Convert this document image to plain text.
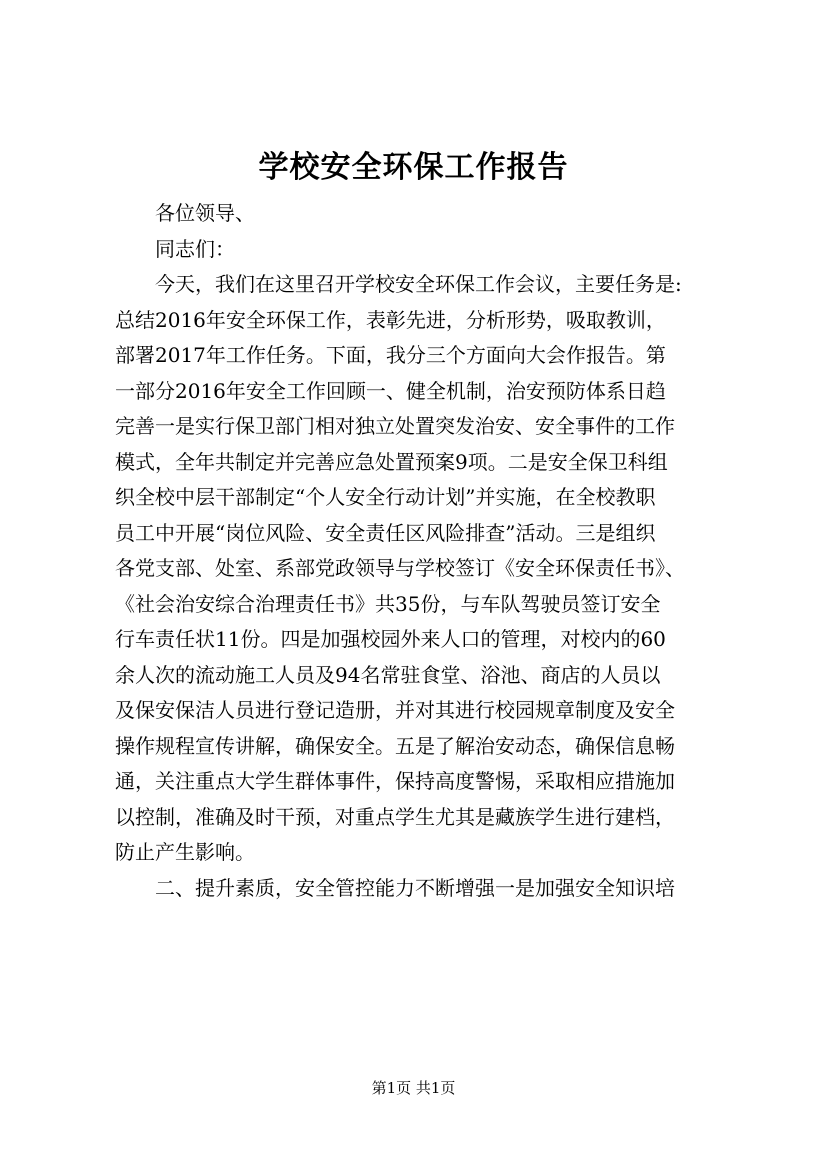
学校安全环保工作报告
各位领导、
同志们：
今天，我们在这里召开学校安全环保工作会议，主要任务是:
总结2016年安全环保工作，表彰先进，分析形势，吸取教训，
部署2017年工作任务。下面，我分三个方面向大会作报告。第
一部分2016年安全工作回顾一、健全机制，治安预防体系日趋
完善一是实行保卫部门相对独立处置突发治安、安全事件的工作
模式，全年共制定并完善应急处置预案9项。二是安全保卫科组
织全校中层干部制定“个人安全行动计划”并实施，在全校教职
员工中开展“岗位风险、安全责任区风险排查”活动。三是组织
各党支部、处室、系部党政领导与学校签订《安全环保责任书》、
《社会治安综合治理责任书》共35份，与车队驾驶员签订安全
行车责任状11份。四是加强校园外来人口的管理，对校内的60
余人次的流动施工人员及94名常驻食堂、浴池、商店的人员以
及保安保洁人员进行登记造册，并对其进行校园规章制度及安全
操作规程宣传讲解，确保安全。五是了解治安动态，确保信息畅
通，关注重点大学生群体事件，保持高度警惕，采取相应措施加
以控制，准确及时干预，对重点学生尤其是藏族学生进行建档，
防止产生影响。
二、提升素质，安全管控能力不断增强一是加强安全知识培
第1页 共1页
